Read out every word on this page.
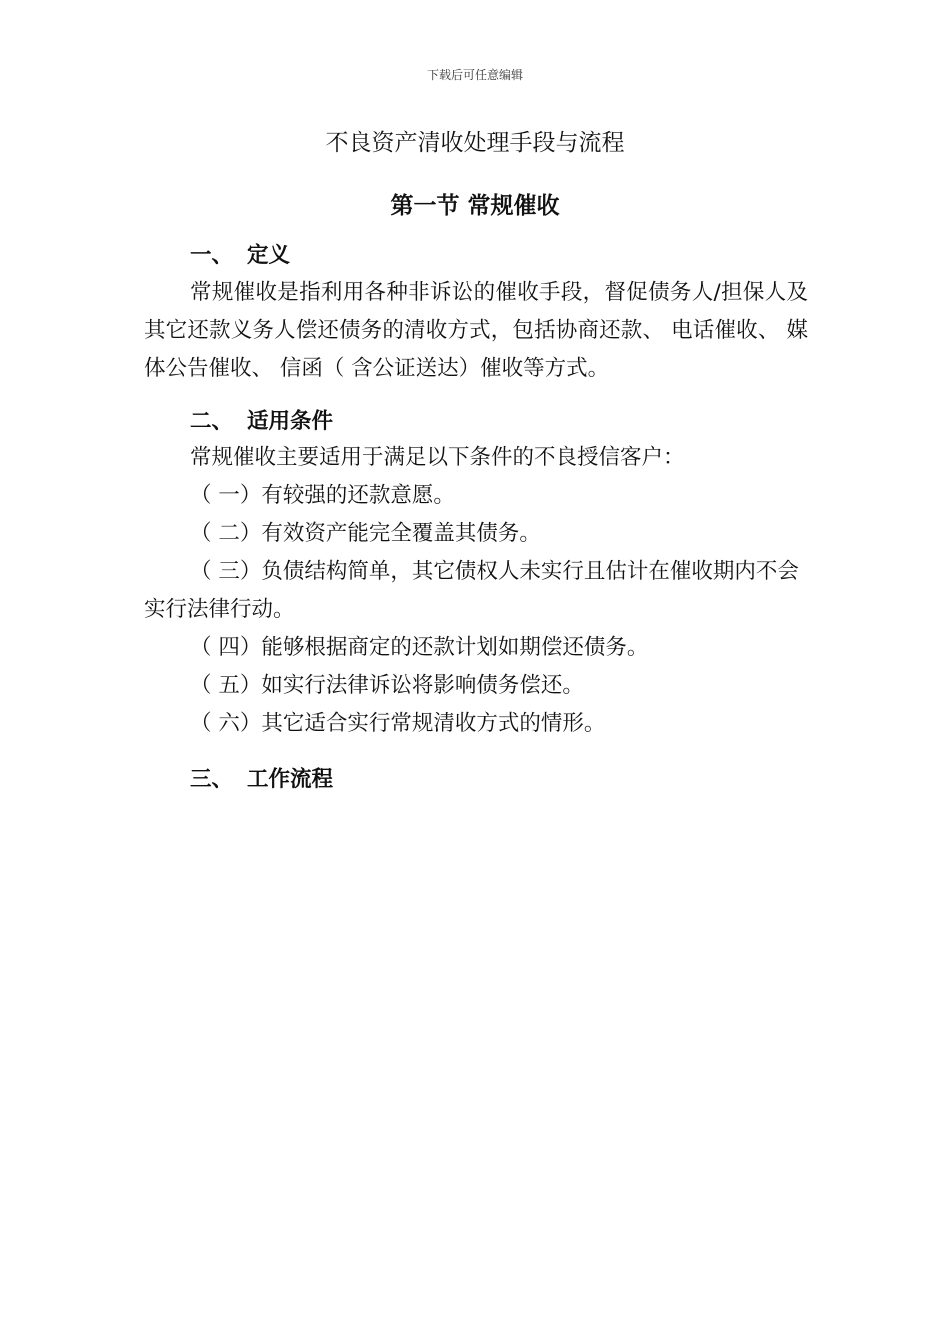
下载后可任意编辑
不良资产清收处理手段与流程
第一节 常规催收
一、 定义

常规催收是指利用各种非诉讼的催收手段，督促债务人/担保人及其它还款义务人偿还债务的清收方式，包括协商还款、 电话催收、 媒体公告催收、 信函（ 含公证送达）催收等方式。

二、 适用条件

常规催收主要适用于满足以下条件的不良授信客户：

（ 一）有较强的还款意愿。

（ 二）有效资产能完全覆盖其债务。

（ 三）负债结构简单，其它债权人未实行且估计在催收期内不会实行法律行动。

（ 四）能够根据商定的还款计划如期偿还债务。

（ 五）如实行法律诉讼将影响债务偿还。

（ 六）其它适合实行常规清收方式的情形。

三、 工作流程
